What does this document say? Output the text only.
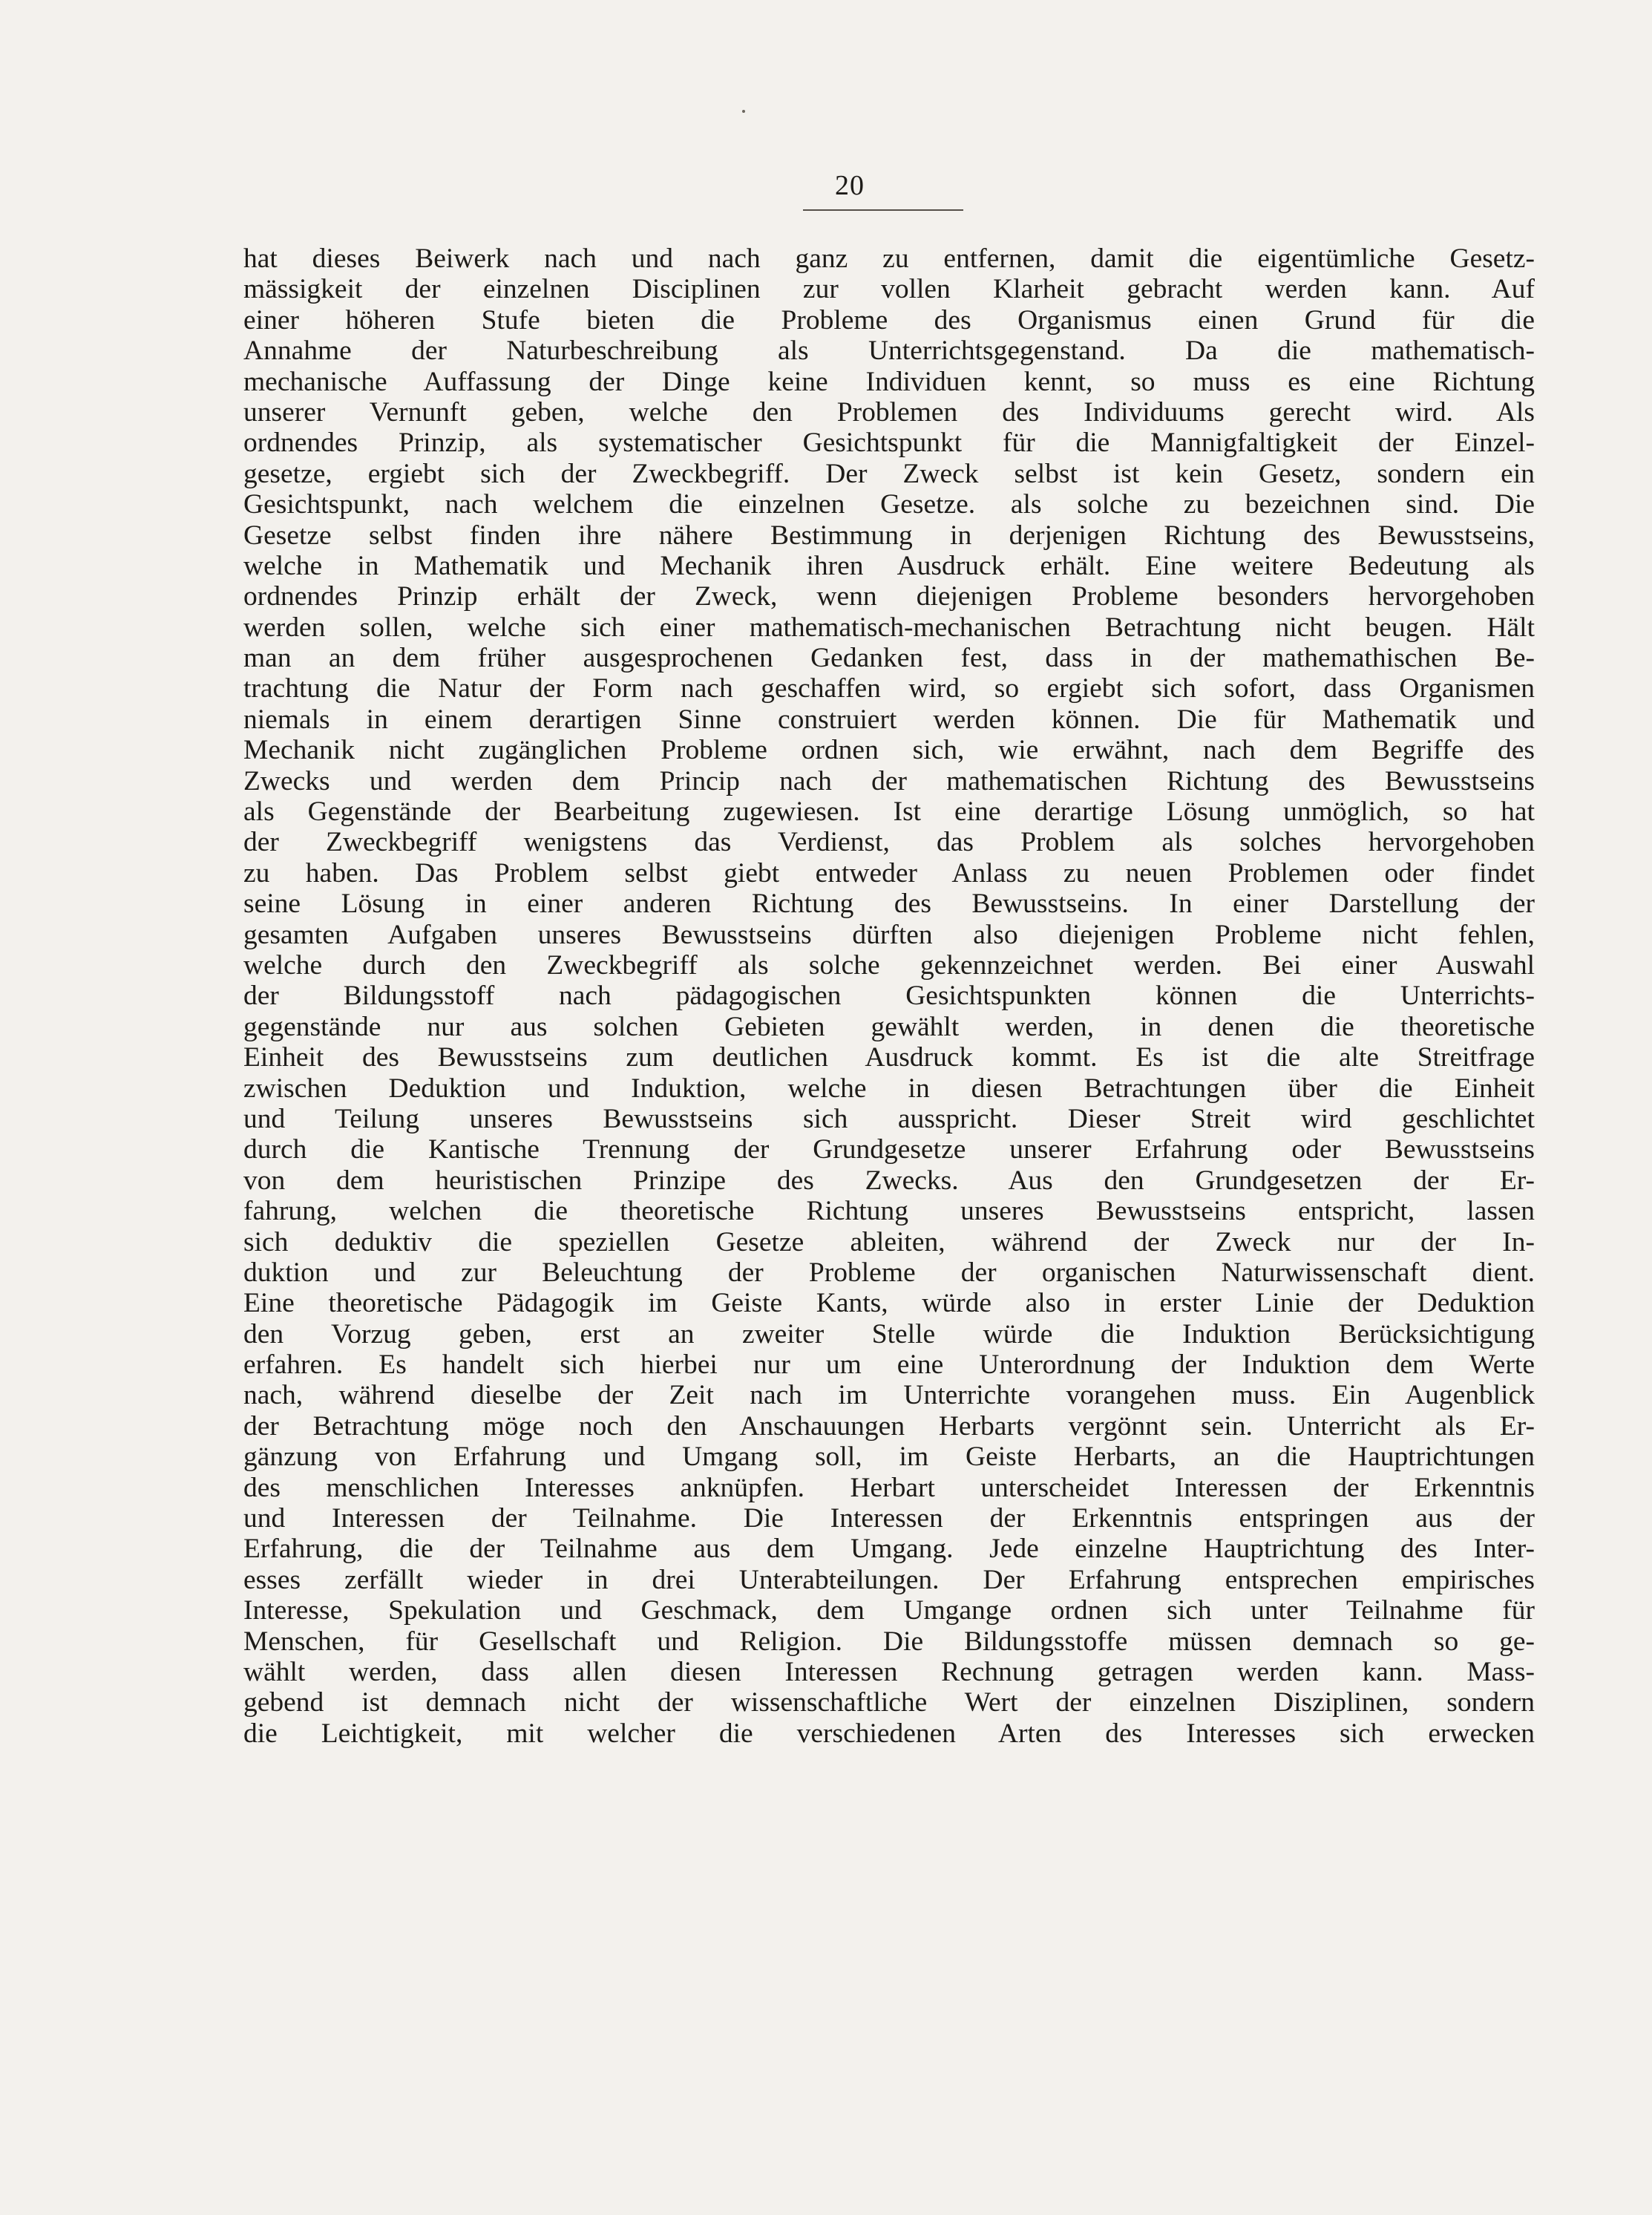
20
hat dieses Beiwerk nach und nach ganz zu entfernen, damit die eigentümliche Gesetz-
mässigkeit der einzelnen Disciplinen zur vollen Klarheit gebracht werden kann. Auf
einer höheren Stufe bieten die Probleme des Organismus einen Grund für die
Annahme der Naturbeschreibung als Unterrichtsgegenstand. Da die mathematisch-
mechanische Auffassung der Dinge keine Individuen kennt, so muss es eine Richtung
unserer Vernunft geben, welche den Problemen des Individuums gerecht wird. Als
ordnendes Prinzip, als systematischer Gesichtspunkt für die Mannigfaltigkeit der Einzel-
gesetze, ergiebt sich der Zweckbegriff. Der Zweck selbst ist kein Gesetz, sondern ein
Gesichtspunkt, nach welchem die einzelnen Gesetze. als solche zu bezeichnen sind. Die
Gesetze selbst finden ihre nähere Bestimmung in derjenigen Richtung des Bewusstseins,
welche in Mathematik und Mechanik ihren Ausdruck erhält. Eine weitere Bedeutung als
ordnendes Prinzip erhält der Zweck, wenn diejenigen Probleme besonders hervorgehoben
werden sollen, welche sich einer mathematisch-mechanischen Betrachtung nicht beugen. Hält
man an dem früher ausgesprochenen Gedanken fest, dass in der mathemathischen Be-
trachtung die Natur der Form nach geschaffen wird, so ergiebt sich sofort, dass Organismen
niemals in einem derartigen Sinne construiert werden können. Die für Mathematik und
Mechanik nicht zugänglichen Probleme ordnen sich, wie erwähnt, nach dem Begriffe des
Zwecks und werden dem Princip nach der mathematischen Richtung des Bewusstseins
als Gegenstände der Bearbeitung zugewiesen. Ist eine derartige Lösung unmöglich, so hat
der Zweckbegriff wenigstens das Verdienst, das Problem als solches hervorgehoben
zu haben. Das Problem selbst giebt entweder Anlass zu neuen Problemen oder findet
seine Lösung in einer anderen Richtung des Bewusstseins. In einer Darstellung der
gesamten Aufgaben unseres Bewusstseins dürften also diejenigen Probleme nicht fehlen,
welche durch den Zweckbegriff als solche gekennzeichnet werden. Bei einer Auswahl
der Bildungsstoff nach pädagogischen Gesichtspunkten können die Unterrichts-
gegenstände nur aus solchen Gebieten gewählt werden, in denen die theoretische
Einheit des Bewusstseins zum deutlichen Ausdruck kommt. Es ist die alte Streitfrage
zwischen Deduktion und Induktion, welche in diesen Betrachtungen über die Einheit
und Teilung unseres Bewusstseins sich ausspricht. Dieser Streit wird geschlichtet
durch die Kantische Trennung der Grundgesetze unserer Erfahrung oder Bewusstseins
von dem heuristischen Prinzipe des Zwecks. Aus den Grundgesetzen der Er-
fahrung, welchen die theoretische Richtung unseres Bewusstseins entspricht, lassen
sich deduktiv die speziellen Gesetze ableiten, während der Zweck nur der In-
duktion und zur Beleuchtung der Probleme der organischen Naturwissenschaft dient.
Eine theoretische Pädagogik im Geiste Kants, würde also in erster Linie der Deduktion
den Vorzug geben, erst an zweiter Stelle würde die Induktion Berücksichtigung
erfahren. Es handelt sich hierbei nur um eine Unterordnung der Induktion dem Werte
nach, während dieselbe der Zeit nach im Unterrichte vorangehen muss. Ein Augenblick
der Betrachtung möge noch den Anschauungen Herbarts vergönnt sein. Unterricht als Er-
gänzung von Erfahrung und Umgang soll, im Geiste Herbarts, an die Hauptrichtungen
des menschlichen Interesses anknüpfen. Herbart unterscheidet Interessen der Erkenntnis
und Interessen der Teilnahme. Die Interessen der Erkenntnis entspringen aus der
Erfahrung, die der Teilnahme aus dem Umgang. Jede einzelne Hauptrichtung des Inter-
esses zerfällt wieder in drei Unterabteilungen. Der Erfahrung entsprechen empirisches
Interesse, Spekulation und Geschmack, dem Umgange ordnen sich unter Teilnahme für
Menschen, für Gesellschaft und Religion. Die Bildungsstoffe müssen demnach so ge-
wählt werden, dass allen diesen Interessen Rechnung getragen werden kann. Mass-
gebend ist demnach nicht der wissenschaftliche Wert der einzelnen Disziplinen, sondern
die Leichtigkeit, mit welcher die verschiedenen Arten des Interesses sich erwecken
